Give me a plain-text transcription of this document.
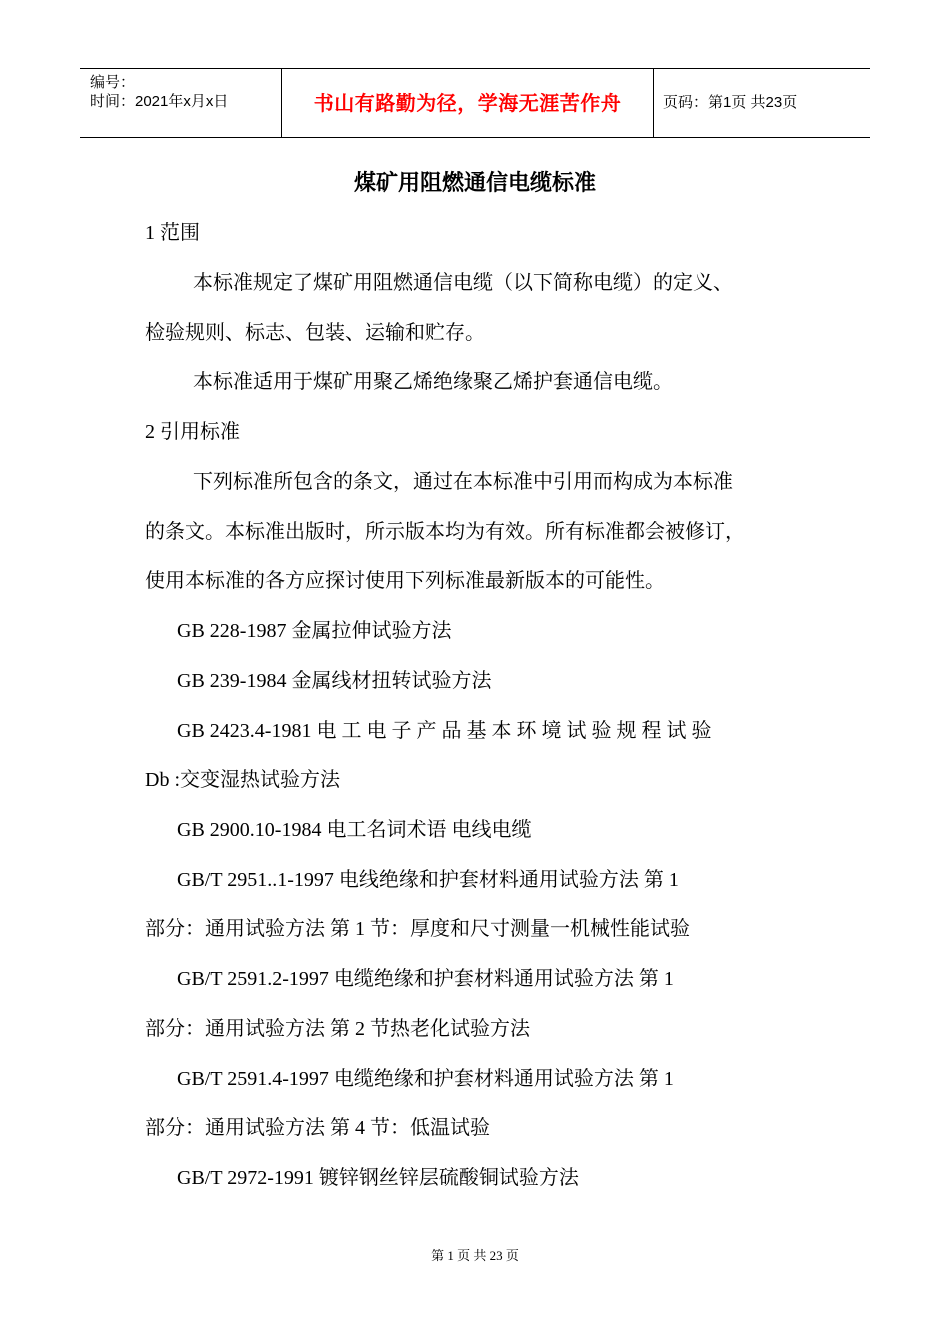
编号：
时间：2021年x月x日	书山有路勤为径，学海无涯苦作舟	页码：第1页 共23页
煤矿用阻燃通信电缆标准
1 范围
本标准规定了煤矿用阻燃通信电缆（以下简称电缆）的定义、
检验规则、标志、包装、运输和贮存。
本标准适用于煤矿用聚乙烯绝缘聚乙烯护套通信电缆。
2 引用标准
下列标准所包含的条文，通过在本标准中引用而构成为本标准
的条文。本标准出版时，所示版本均为有效。所有标准都会被修订，
使用本标准的各方应探讨使用下列标准最新版本的可能性。
GB 228-1987 金属拉伸试验方法
GB 239-1984 金属线材扭转试验方法
GB 2423.4-1981 电 工 电 子 产 品 基 本 环 境 试 验 规 程 试 验
Db :交变湿热试验方法
GB 2900.10-1984 电工名词术语 电线电缆
GB/T 2951..1-1997 电线绝缘和护套材料通用试验方法 第 1
部分：通用试验方法 第 1 节：厚度和尺寸测量一机械性能试验
GB/T 2591.2-1997 电缆绝缘和护套材料通用试验方法 第 1
部分：通用试验方法 第 2 节热老化试验方法
GB/T 2591.4-1997 电缆绝缘和护套材料通用试验方法 第 1
部分：通用试验方法 第 4 节：低温试验
GB/T 2972-1991 镀锌钢丝锌层硫酸铜试验方法
第 1 页 共 23 页
